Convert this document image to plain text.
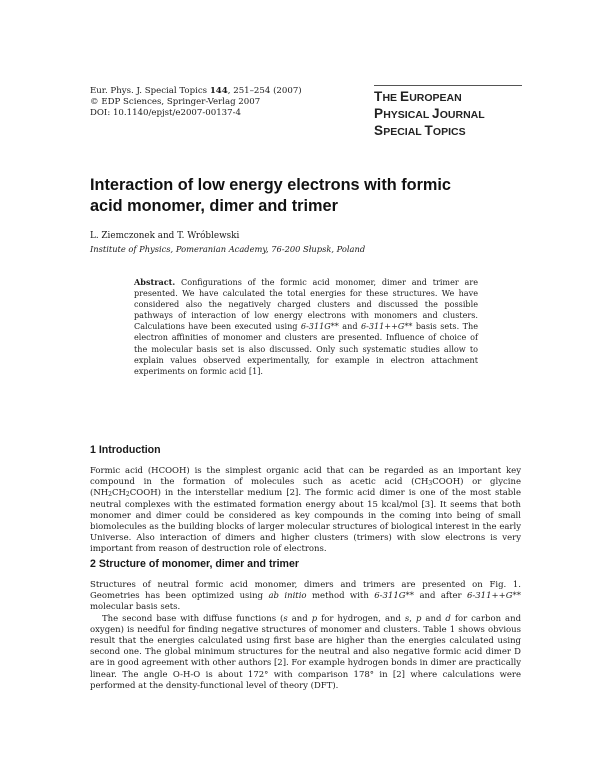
Eur. Phys. J. Special Topics 144, 251–254 (2007)
© EDP Sciences, Springer-Verlag 2007
DOI: 10.1140/epjst/e2007-00137-4
THE EUROPEAN
PHYSICAL JOURNAL
SPECIAL TOPICS
Interaction of low energy electrons with formic
acid monomer, dimer and trimer
L. Ziemczonek and T. Wróblewski
Institute of Physics, Pomeranian Academy, 76-200 Słupsk, Poland
Abstract. Configurations of the formic acid monomer, dimer and trimer are presented. We have calculated the total energies for these structures. We have considered also the negatively charged clusters and discussed the possible pathways of interaction of low energy electrons with monomers and clusters. Calculations have been executed using 6-311G** and 6-311++G** basis sets. The electron affinities of monomer and clusters are presented. Influence of choice of the molecular basis set is also discussed. Only such systematic studies allow to explain values observed experimentally, for example in electron attachment experiments on formic acid [1].
1 Introduction

Formic acid (HCOOH) is the simplest organic acid that can be regarded as an important key compound in the formation of molecules such as acetic acid $(CH_3COOH)$ or glycine $(NH_2CH_2COOH)$ in the interstellar medium [2]. The formic acid dimer is one of the most stable neutral complexes with the estimated formation energy about 15 kcal/mol [3]. It seems that both monomer and dimer could be considered as key compounds in the coming into being of small biomolecules as the building blocks of larger molecular structures of biological interest in the early Universe. Also interaction of dimers and higher clusters (trimers) with slow electrons is very important from reason of destruction role of electrons.

2 Structure of monomer, dimer and trimer

Structures of neutral formic acid monomer, dimers and trimers are presented on Fig. 1. Geometries has been optimized using ab initio method with 6-311G** and after 6-311++G** molecular basis sets.

The second base with diffuse functions (s and p for hydrogen, and s, p and d for carbon and oxygen) is needful for finding negative structures of monomer and clusters. Table 1 shows obvious result that the energies calculated using first base are higher than the energies calculated using second one. The global minimum structures for the neutral and also negative formic acid dimer D are in good agreement with other authors [2]. For example hydrogen bonds in dimer are practically linear. The angle O-H-O is about 172° with comparison 178° in [2] where calculations were performed at the density-functional level of theory (DFT).
